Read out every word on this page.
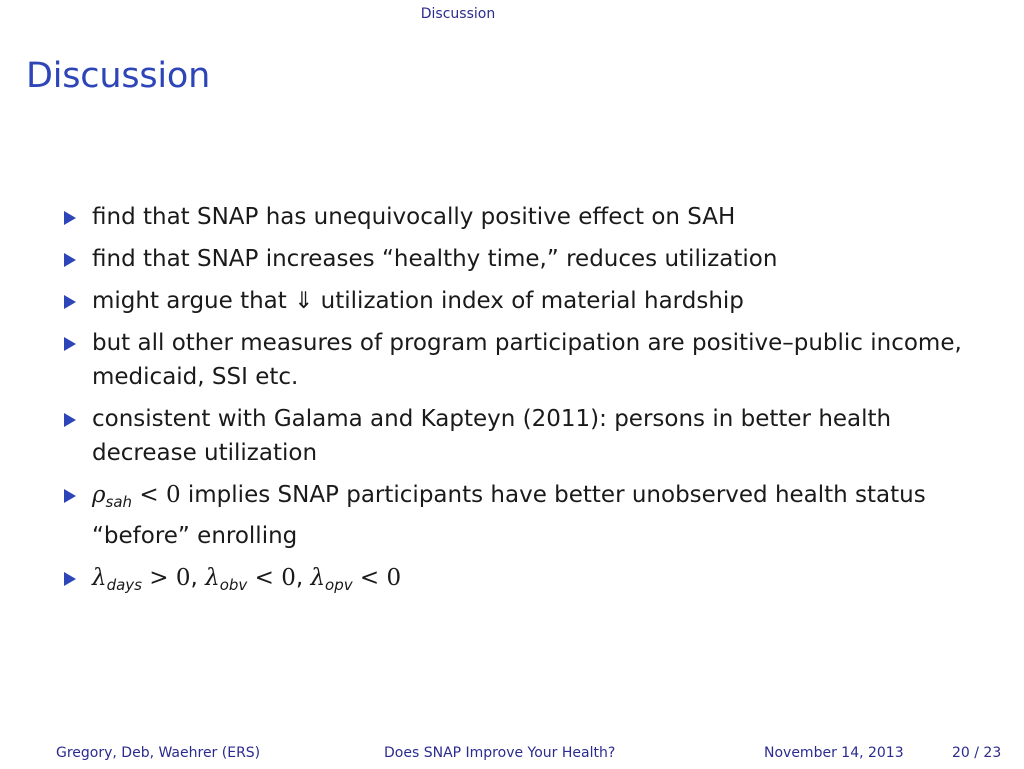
Discussion
Discussion
find that SNAP has unequivocally positive effect on SAH
find that SNAP increases “healthy time,” reduces utilization
might argue that ⇓ utilization index of material hardship
but all other measures of program participation are positive–public income, medicaid, SSI etc.
consistent with Galama and Kapteyn (2011): persons in better health decrease utilization
$\rho_{sah} < 0$ implies SNAP participants have better unobserved health status “before” enrolling
$\lambda_{days} > 0$, $\lambda_{obv} < 0$, $\lambda_{opv} < 0$
Gregory, Deb, Waehrer (ERS)	Does SNAP Improve Your Health?	November 14, 2013	20 / 23
